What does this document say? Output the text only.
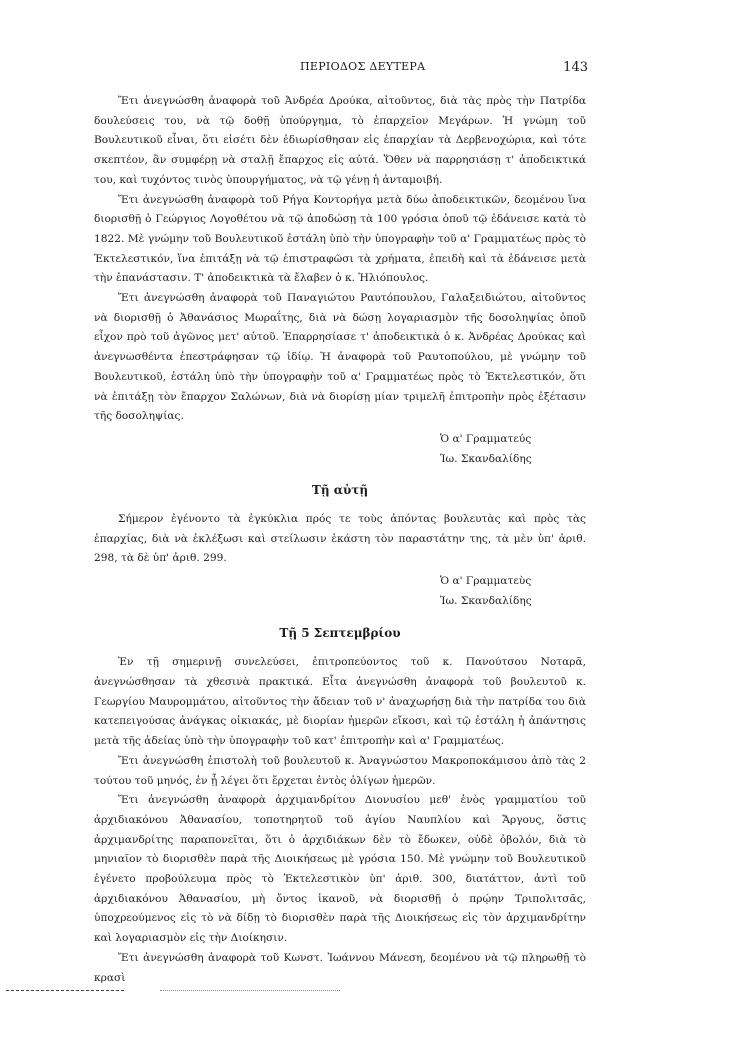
ΠΕΡΙΟΔΟΣ ΔΕΥΤΕΡΑ	143

Ἔτι ἀνεγνώσθη ἀναφορὰ τοῦ Ἀνδρέα Δρούκα, αἰτοῦντος, διὰ τὰς πρὸς τὴν Πατρίδα δουλεύσεις του, νὰ τῷ δοθῇ ὑπούργημα, τὸ ἐπαρχεῖον Μεγάρων. Ἡ γνώμη τοῦ Βουλευτικοῦ εἶναι, ὅτι εἰσέτι δὲν ἐδιωρίσθησαν εἰς ἐπαρχίαν τὰ Δερβενοχώρια, καὶ τότε σκεπτέον, ἂν συμφέρῃ νὰ σταλῇ ἔπαρχος εἰς αὐτά. Ὅθεν νὰ παρρησιάσῃ τ' ἀποδεικτικά του, καὶ τυχόντος τινὸς ὑπουργήματος, νὰ τῷ γένῃ ἡ ἀνταμοιβή.

Ἔτι ἀνεγνώσθη ἀναφορὰ τοῦ Ρήγα Κοντορήγα μετὰ δύω ἀποδεικτικῶν, δεομένου ἵνα διορισθῇ ὁ Γεώργιος Λογοθέτου νὰ τῷ ἀποδώσῃ τὰ 100 γρόσια ὁποῦ τῷ ἐδάνεισε κατὰ τὸ 1822. Μὲ γνώμην τοῦ Βουλευτικοῦ ἐστάλη ὑπὸ τὴν ὑπογραφὴν τοῦ α' Γραμματέως πρὸς τὸ Ἐκτελεστικόν, ἵνα ἐπιτάξῃ νὰ τῷ ἐπιστραφῶσι τὰ χρήματα, ἐπειδὴ καὶ τὰ ἐδάνεισε μετὰ τὴν ἐπανάστασιν. Τ' ἀποδεικτικὰ τὰ ἔλαβεν ὁ κ. Ἠλιόπουλος.

Ἔτι ἀνεγνώσθη ἀναφορὰ τοῦ Παναγιώτου Ραυτόπουλου, Γαλαξειδιώτου, αἰτοῦντος νὰ διορισθῇ ὁ Ἀθανάσιος Μωραΐτης, διὰ νὰ δώσῃ λογαριασμὸν τῆς δοσοληψίας ὁποῦ εἶχον πρὸ τοῦ ἀγῶνος μετ' αὐτοῦ. Ἐπαρρησίασε τ' ἀποδεικτικὰ ὁ κ. Ἀνδρέας Δρούκας καὶ ἀνεγνωσθέντα ἐπεστράφησαν τῷ ἰδίῳ. Ἡ ἀναφορὰ τοῦ Ραυτοπούλου, μὲ γνώμην τοῦ Βουλευτικοῦ, ἐστάλη ὑπὸ τὴν ὑπογραφὴν τοῦ α' Γραμματέως πρὸς τὸ Ἐκτελεστικόν, ὅτι νὰ ἐπιτάξῃ τὸν ἔπαρχον Σαλώνων, διὰ νὰ διορίσῃ μίαν τριμελῆ ἐπιτροπὴν πρὸς ἐξέτασιν τῆς δοσοληψίας.

Ὁ α' Γραμματεύς

Ἰω. Σκανδαλίδης

Τῇ αὐτῇ

Σήμερον ἐγένοντο τὰ ἐγκύκλια πρός τε τοὺς ἀπόντας βουλευτὰς καὶ πρὸς τὰς ἐπαρχίας, διὰ νὰ ἐκλέξωσι καὶ στείλωσιν ἑκάστη τὸν παραστάτην της, τὰ μὲν ὑπ' ἀριθ. 298, τὰ δὲ ὑπ' ἀριθ. 299.

Ὁ α' Γραμματεὺς

Ἰω. Σκανδαλίδης

Τῇ 5 Σεπτεμβρίου

Ἐν τῇ σημερινῇ συνελεύσει, ἐπιτροπεύοντος τοῦ κ. Πανούτσου Νοταρᾶ, ἀνεγνώσθησαν τὰ χθεσινὰ πρακτικά. Εἶτα ἀνεγνώσθη ἀναφορὰ τοῦ βουλευτοῦ κ. Γεωργίου Μαυρομμάτου, αἰτοῦντος τὴν ἄδειαν τοῦ ν' ἀναχωρήσῃ διὰ τὴν πατρίδα του διὰ κατεπειγούσας ἀνάγκας οἰκιακάς, μὲ διορίαν ἡμερῶν εἴκοσι, καὶ τῷ ἐστάλη ἡ ἀπάντησις μετὰ τῆς ἀδείας ὑπὸ τὴν ὑπογραφὴν τοῦ κατ' ἐπιτροπὴν καὶ α' Γραμματέως.

Ἔτι ἀνεγνώσθη ἐπιστολὴ τοῦ βουλευτοῦ κ. Ἀναγνώστου Μακροποκάμισου ἀπὸ τὰς 2 τούτου τοῦ μηνός, ἐν ᾗ λέγει ὅτι ἔρχεται ἐντὸς ὀλίγων ἡμερῶν.

Ἔτι ἀνεγνώσθη ἀναφορὰ ἀρχιμανδρίτου Διονυσίου μεθ' ἑνὸς γραμματίου τοῦ ἀρχιδιακόνου Ἀθανασίου, τοποτηρητοῦ τοῦ ἁγίου Ναυπλίου καὶ Ἄργους, ὅστις ἀρχιμανδρίτης παραπονεῖται, ὅτι ὁ ἀρχιδιάκων δὲν τὸ ἔδωκεν, οὐδὲ ὀβολόν, διὰ τὸ μηνιαῖον τὸ διορισθὲν παρὰ τῆς Διοικήσεως μὲ γρόσια 150. Μὲ γνώμην τοῦ Βουλευτικοῦ ἐγένετο προβούλευμα πρὸς τὸ Ἐκτελεστικὸν ὑπ' ἀριθ. 300, διατάττον, ἀντὶ τοῦ ἀρχιδιακόνου Ἀθανασίου, μὴ ὄντος ἱκανοῦ, νὰ διορισθῇ ὁ πρῴην Τριπολιτσᾶς, ὑποχρεούμενος εἰς τὸ νὰ δίδῃ τὸ διορισθὲν παρὰ τῆς Διοικήσεως εἰς τὸν ἀρχιμανδρίτην καὶ λογαριασμὸν εἰς τὴν Διοίκησιν.

Ἔτι ἀνεγνώσθη ἀναφορὰ τοῦ Κωνστ. Ἰωάννου Μάνεση, δεομένου νὰ τῷ πληρωθῇ τὸ κρασὶ
